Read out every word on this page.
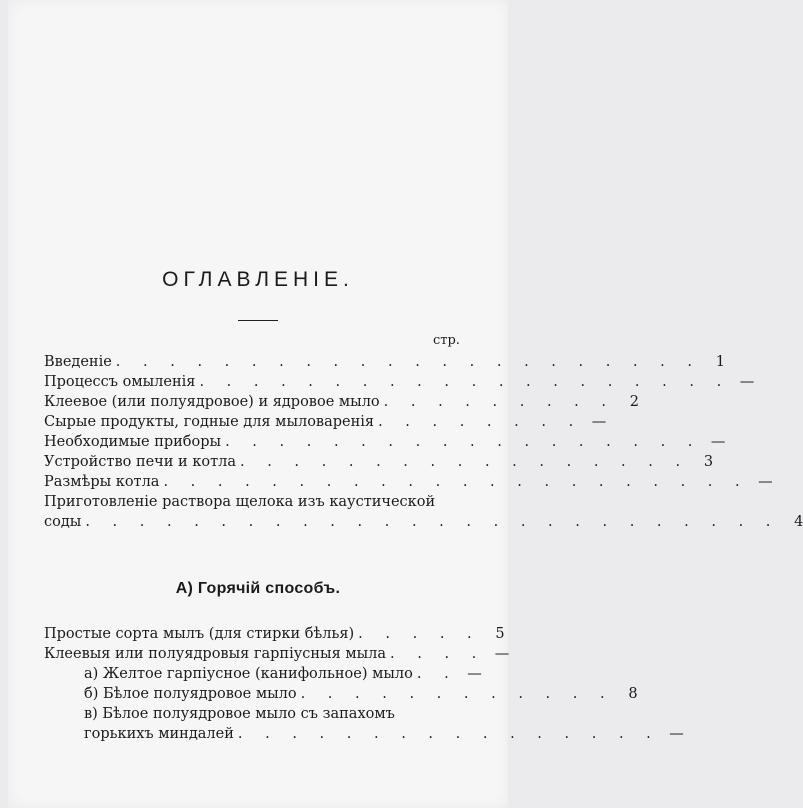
ОГЛАВЛЕНIЕ.
стр.
Введенiе . . . . . . . . . . . . . . . . . . . . . .	1
Процессъ омыленiя . . . . . . . . . . . . . . . . . . . . —
Клеевое (или полуядровое) и ядровое мыло . . . . . . . . .	2
Сырые продукты, годные для мыловаренiя . . . . . . . . —
Необходимые приборы . . . . . . . . . . . . . . . . . . —
Устройство печи и котла . . . . . . . . . . . . . . . . .	3
Размѣры котла . . . . . . . . . . . . . . . . . . . . . . —
Приготовленiе раствора щелока изъ каустической
соды . . . . . . . . . . . . . . . . . . . . . . . . . .	4
А) Горячiй способъ.
Простые сорта мылъ (для стирки бѣлья) . . . . .	5
Клеевыя или полуядровыя гарпiусныя мыла . . . . —
а) Желтое гарпiусное (канифольное) мыло . . —
б) Бѣлое полуядровое мыло . . . . . . . . . . . .	8
в) Бѣлое полуядровое мыло съ запахомъ
горькихъ миндалей . . . . . . . . . . . . . . . . —
